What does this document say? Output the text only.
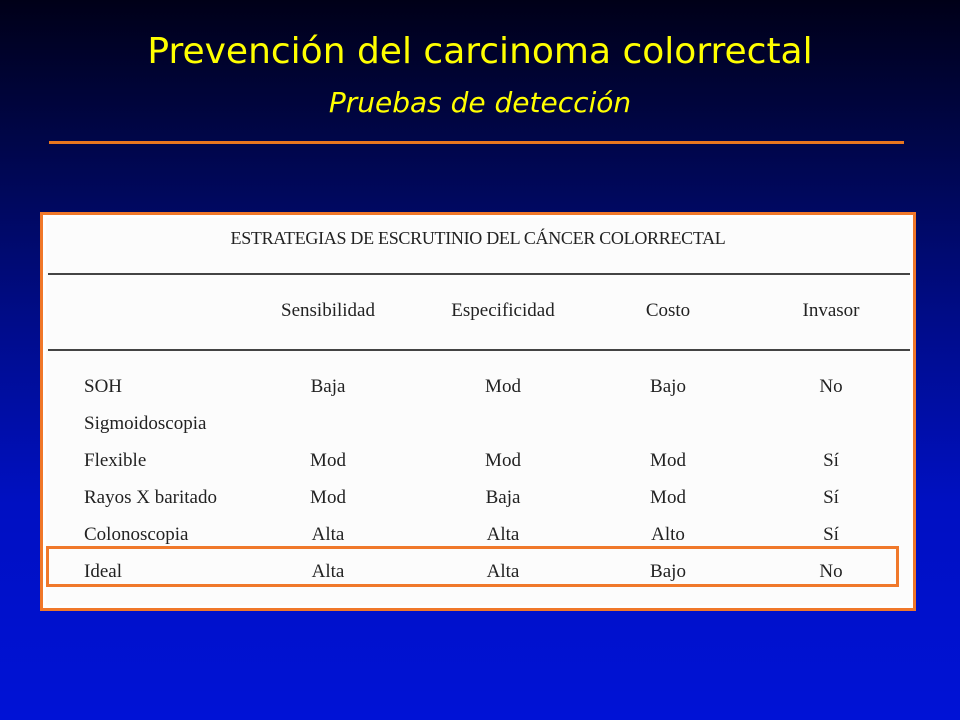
Prevención del carcinoma colorrectal
Pruebas de detección
ESTRATEGIAS DE ESCRUTINIO DEL CÁNCER COLORRECTAL
Sensibilidad	Especificidad	Costo	Invasor
SOH	Baja	Mod	Bajo	No
Sigmoidoscopia
Flexible	Mod	Mod	Mod	Sí
Rayos X baritado	Mod	Baja	Mod	Sí
Colonoscopia	Alta	Alta	Alto	Sí
Ideal	Alta	Alta	Bajo	No
